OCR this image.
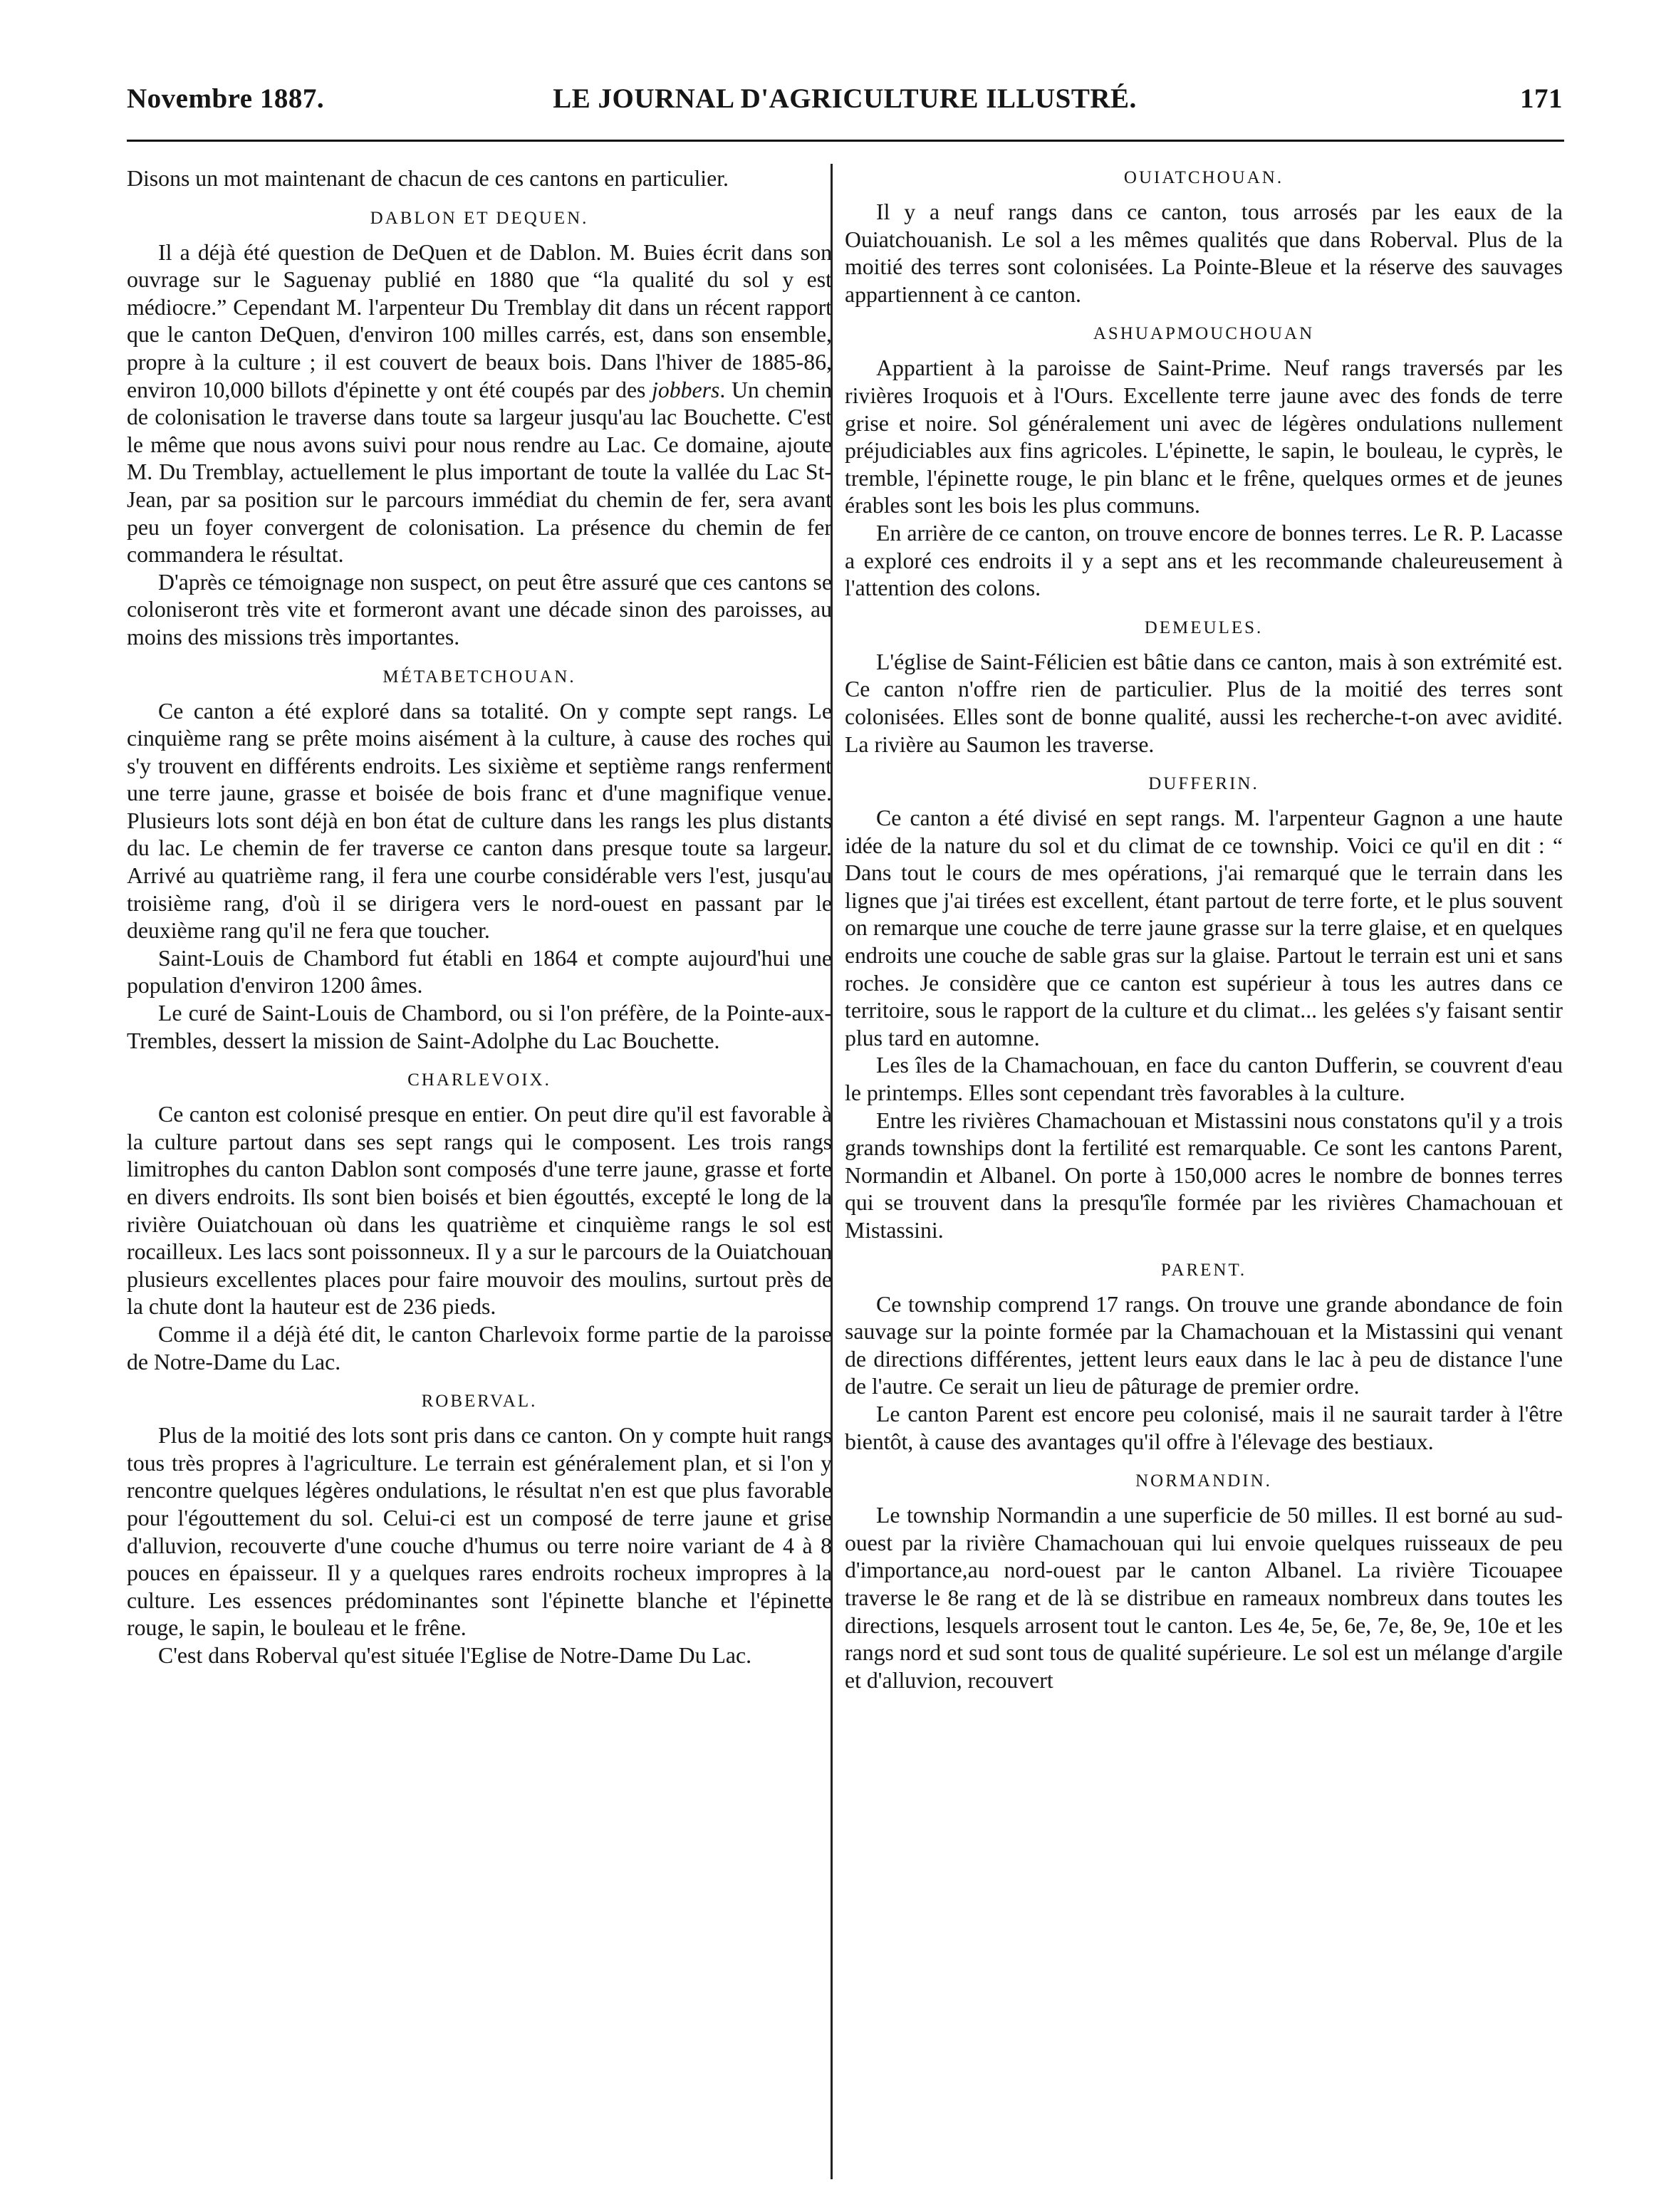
Novembre 1887.	LE JOURNAL D'AGRICULTURE ILLUSTRÉ.	171

Disons un mot maintenant de chacun de ces cantons en particulier.

DABLON ET DEQUEN.

Il a déjà été question de DeQuen et de Dablon. M. Buies écrit dans son ouvrage sur le Saguenay publié en 1880 que “la qualité du sol y est médiocre.” Cependant M. l'arpenteur Du Tremblay dit dans un récent rapport que le canton DeQuen, d'environ 100 milles carrés, est, dans son ensemble, propre à la culture ; il est couvert de beaux bois. Dans l'hiver de 1885-86, environ 10,000 billots d'épinette y ont été coupés par des jobbers. Un chemin de colonisation le traverse dans toute sa largeur jusqu'au lac Bouchette. C'est le même que nous avons suivi pour nous rendre au Lac. Ce domaine, ajoute M. Du Tremblay, actuellement le plus important de toute la vallée du Lac St-Jean, par sa position sur le parcours immédiat du chemin de fer, sera avant peu un foyer convergent de colonisation. La présence du chemin de fer commandera le résultat.

D'après ce témoignage non suspect, on peut être assuré que ces cantons se coloniseront très vite et formeront avant une décade sinon des paroisses, au moins des missions très importantes.

MÉTABETCHOUAN.

Ce canton a été exploré dans sa totalité. On y compte sept rangs. Le cinquième rang se prête moins aisément à la culture, à cause des roches qui s'y trouvent en différents endroits. Les sixième et septième rangs renferment une terre jaune, grasse et boisée de bois franc et d'une magnifique venue. Plusieurs lots sont déjà en bon état de culture dans les rangs les plus distants du lac. Le chemin de fer traverse ce canton dans presque toute sa largeur. Arrivé au quatrième rang, il fera une courbe considérable vers l'est, jusqu'au troisième rang, d'où il se dirigera vers le nord-ouest en passant par le deuxième rang qu'il ne fera que toucher.

Saint-Louis de Chambord fut établi en 1864 et compte aujourd'hui une population d'environ 1200 âmes.

Le curé de Saint-Louis de Chambord, ou si l'on préfère, de la Pointe-aux-Trembles, dessert la mission de Saint-Adolphe du Lac Bouchette.

CHARLEVOIX.

Ce canton est colonisé presque en entier. On peut dire qu'il est favorable à la culture partout dans ses sept rangs qui le composent. Les trois rangs limitrophes du canton Dablon sont composés d'une terre jaune, grasse et forte en divers endroits. Ils sont bien boisés et bien égouttés, excepté le long de la rivière Ouiatchouan où dans les quatrième et cinquième rangs le sol est rocailleux. Les lacs sont poissonneux. Il y a sur le parcours de la Ouiatchouan plusieurs excellentes places pour faire mouvoir des moulins, surtout près de la chute dont la hauteur est de 236 pieds.

Comme il a déjà été dit, le canton Charlevoix forme partie de la paroisse de Notre-Dame du Lac.

ROBERVAL.

Plus de la moitié des lots sont pris dans ce canton. On y compte huit rangs tous très propres à l'agriculture. Le terrain est généralement plan, et si l'on y rencontre quelques légères ondulations, le résultat n'en est que plus favorable pour l'égouttement du sol. Celui-ci est un composé de terre jaune et grise d'alluvion, recouverte d'une couche d'humus ou terre noire variant de 4 à 8 pouces en épaisseur. Il y a quelques rares endroits rocheux impropres à la culture. Les essences prédominantes sont l'épinette blanche et l'épinette rouge, le sapin, le bouleau et le frêne.

C'est dans Roberval qu'est située l'Eglise de Notre-Dame Du Lac.

OUIATCHOUAN.

Il y a neuf rangs dans ce canton, tous arrosés par les eaux de la Ouiatchouanish. Le sol a les mêmes qualités que dans Roberval. Plus de la moitié des terres sont colonisées. La Pointe-Bleue et la réserve des sauvages appartiennent à ce canton.

ASHUAPMOUCHOUAN

Appartient à la paroisse de Saint-Prime. Neuf rangs traversés par les rivières Iroquois et à l'Ours. Excellente terre jaune avec des fonds de terre grise et noire. Sol généralement uni avec de légères ondulations nullement préjudiciables aux fins agricoles. L'épinette, le sapin, le bouleau, le cyprès, le tremble, l'épinette rouge, le pin blanc et le frêne, quelques ormes et de jeunes érables sont les bois les plus communs.

En arrière de ce canton, on trouve encore de bonnes terres. Le R. P. Lacasse a exploré ces endroits il y a sept ans et les recommande chaleureusement à l'attention des colons.

DEMEULES.

L'église de Saint-Félicien est bâtie dans ce canton, mais à son extrémité est. Ce canton n'offre rien de particulier. Plus de la moitié des terres sont colonisées. Elles sont de bonne qualité, aussi les recherche-t-on avec avidité. La rivière au Saumon les traverse.

DUFFERIN.

Ce canton a été divisé en sept rangs. M. l'arpenteur Gagnon a une haute idée de la nature du sol et du climat de ce township. Voici ce qu'il en dit : “ Dans tout le cours de mes opérations, j'ai remarqué que le terrain dans les lignes que j'ai tirées est excellent, étant partout de terre forte, et le plus souvent on remarque une couche de terre jaune grasse sur la terre glaise, et en quelques endroits une couche de sable gras sur la glaise. Partout le terrain est uni et sans roches. Je considère que ce canton est supérieur à tous les autres dans ce territoire, sous le rapport de la culture et du climat... les gelées s'y faisant sentir plus tard en automne.

Les îles de la Chamachouan, en face du canton Dufferin, se couvrent d'eau le printemps. Elles sont cependant très favorables à la culture.

Entre les rivières Chamachouan et Mistassini nous constatons qu'il y a trois grands townships dont la fertilité est remarquable. Ce sont les cantons Parent, Normandin et Albanel. On porte à 150,000 acres le nombre de bonnes terres qui se trouvent dans la presqu'île formée par les rivières Chamachouan et Mistassini.

PARENT.

Ce township comprend 17 rangs. On trouve une grande abondance de foin sauvage sur la pointe formée par la Chamachouan et la Mistassini qui venant de directions différentes, jettent leurs eaux dans le lac à peu de distance l'une de l'autre. Ce serait un lieu de pâturage de premier ordre.

Le canton Parent est encore peu colonisé, mais il ne saurait tarder à l'être bientôt, à cause des avantages qu'il offre à l'élevage des bestiaux.

NORMANDIN.

Le township Normandin a une superficie de 50 milles. Il est borné au sud-ouest par la rivière Chamachouan qui lui envoie quelques ruisseaux de peu d'importance,au nord-ouest par le canton Albanel. La rivière Ticouapee traverse le 8e rang et de là se distribue en rameaux nombreux dans toutes les directions, lesquels arrosent tout le canton. Les 4e, 5e, 6e, 7e, 8e, 9e, 10e et les rangs nord et sud sont tous de qualité supérieure. Le sol est un mélange d'argile et d'alluvion, recouvert
